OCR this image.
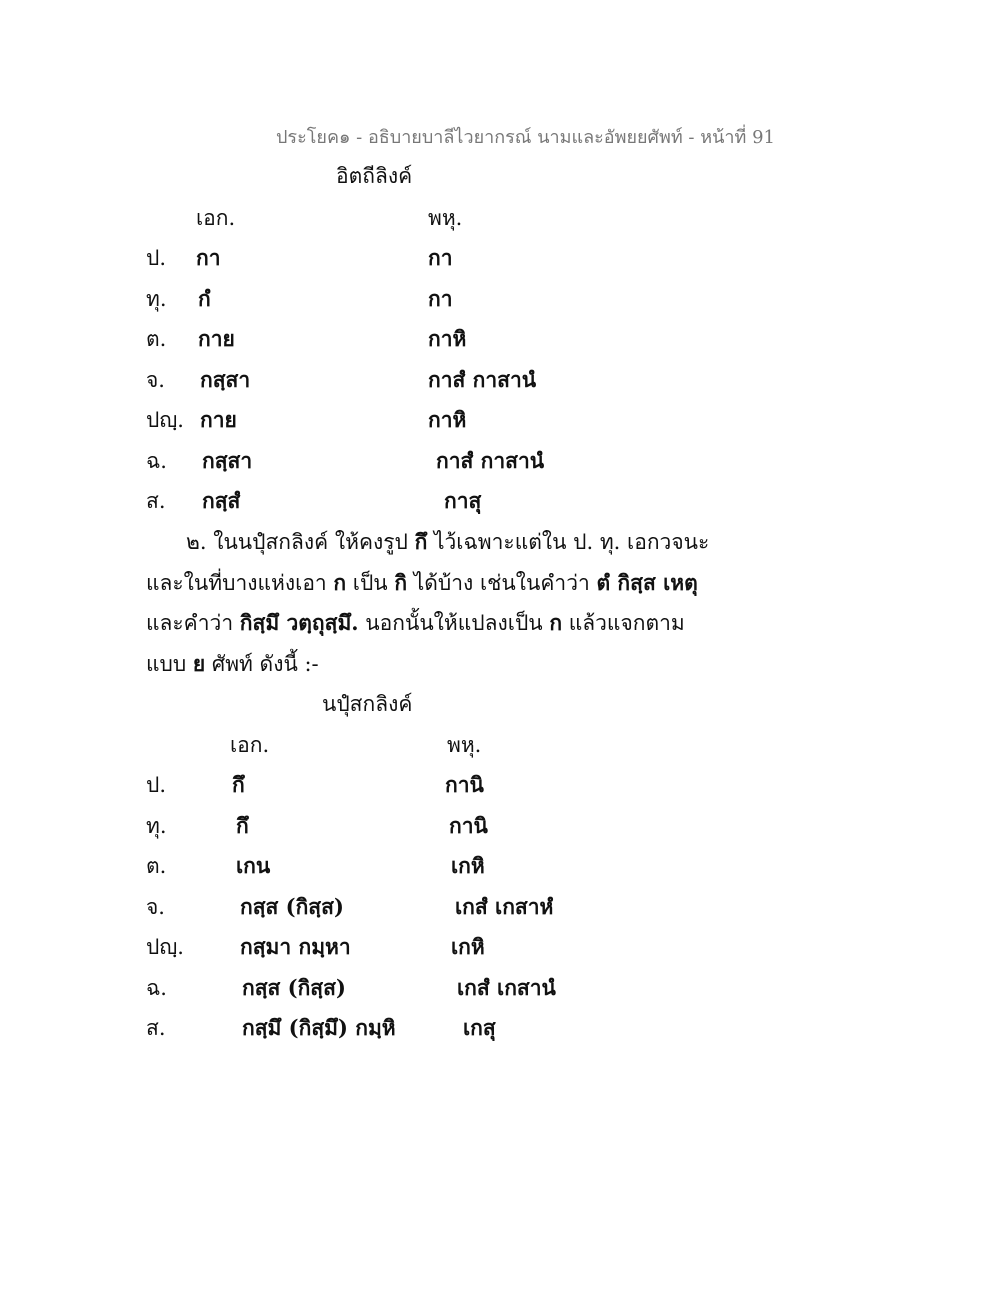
ประโยค๑ - อธิบายบาลีไวยากรณ์ นามและอัพยยศัพท์ - หน้าที่ 91
อิตถีลิงค์
เอก.	พหุ.
ป. กา	กา
ทุ. กํ	กา
ต. กาย	กาหิ
จ. กสฺสา	กาสํ กาสานํ
ปญฺ. กาย	กาหิ
ฉ. กสฺสา	กาสํ กาสานํ
ส. กสฺสํ	กาสุ
๒. ในนปุํสกลิงค์ ให้คงรูป กึ ไว้เฉพาะแต่ใน ป. ทุ. เอกวจนะ
และในที่บางแห่งเอา ก เป็น กิ ได้บ้าง เช่นในคำว่า ตํ กิสฺส เหตุ
และคำว่า กิสฺมึ วตฺถุสฺมึ. นอกนั้นให้แปลงเป็น ก แล้วแจกตาม
แบบ ย ศัพท์ ดังนี้ :-
นปุํสกลิงค์
เอก.	พหุ.
ป.	กึ	กานิ
ทุ.	กึ	กานิ
ต.	เกน	เกหิ
จ.	กสฺส (กิสฺส)	เกสํ เกสาหํ
ปญฺ.	กสฺมา กมฺหา	เกหิ
ฉ.	กสฺส (กิสฺส)	เกสํ เกสานํ
ส.	กสฺมึ (กิสฺมึ) กมฺหิ	เกสุ
